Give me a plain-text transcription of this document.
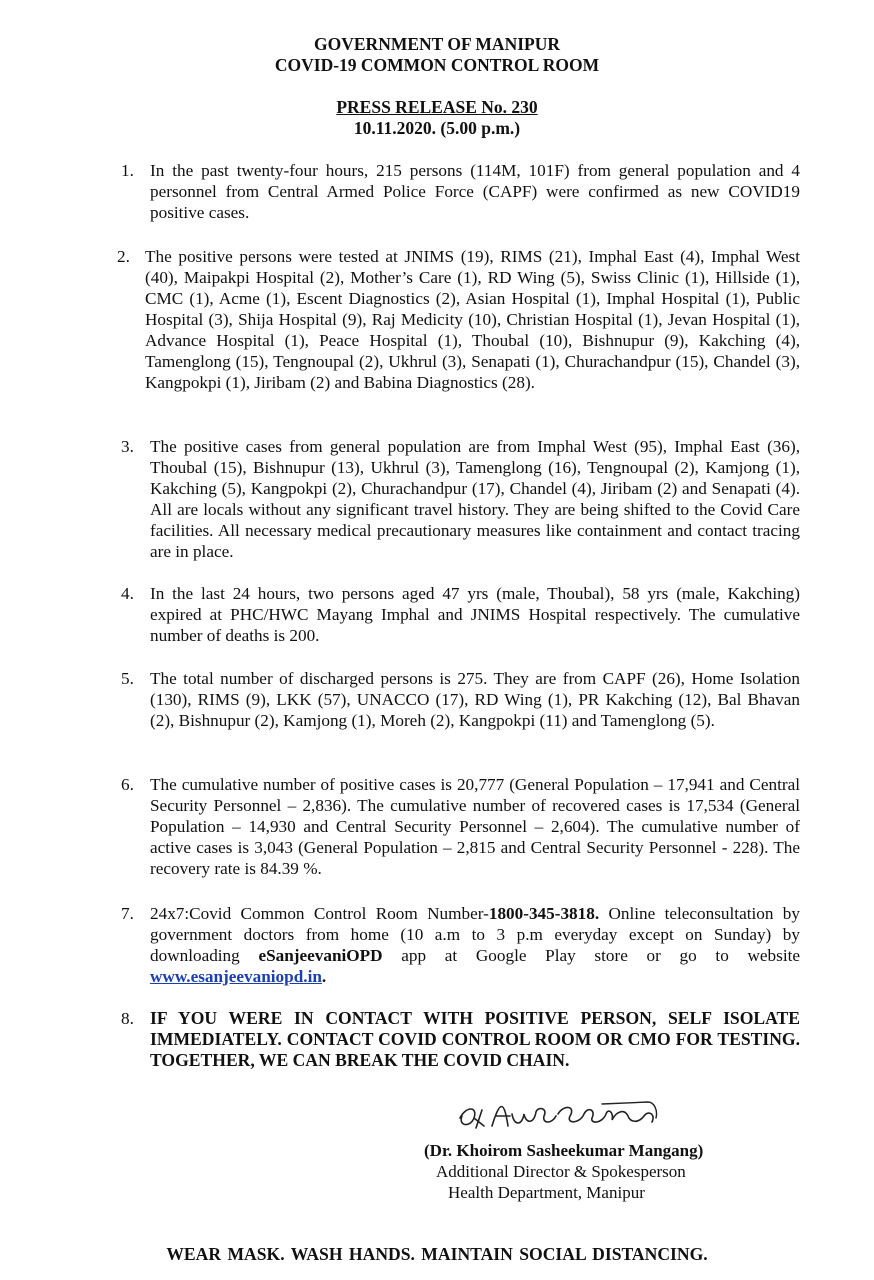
GOVERNMENT OF MANIPUR
COVID-19 COMMON CONTROL ROOM
PRESS RELEASE No. 230
10.11.2020. (5.00 p.m.)
1. In the past twenty-four hours, 215 persons (114M, 101F) from general population and 4 personnel from Central Armed Police Force (CAPF) were confirmed as new COVID19 positive cases.
2. The positive persons were tested at JNIMS (19), RIMS (21), Imphal East (4), Imphal West (40), Maipakpi Hospital (2), Mother’s Care (1), RD Wing (5), Swiss Clinic (1), Hillside (1), CMC (1), Acme (1), Escent Diagnostics (2), Asian Hospital (1), Imphal Hospital (1), Public Hospital (3), Shija Hospital (9), Raj Medicity (10), Christian Hospital (1), Jevan Hospital (1), Advance Hospital (1), Peace Hospital (1), Thoubal (10), Bishnupur (9), Kakching (4), Tamenglong (15), Tengnoupal (2), Ukhrul (3), Senapati (1), Churachandpur (15), Chandel (3), Kangpokpi (1), Jiribam (2) and Babina Diagnostics (28).
3. The positive cases from general population are from Imphal West (95), Imphal East (36), Thoubal (15), Bishnupur (13), Ukhrul (3), Tamenglong (16), Tengnoupal (2), Kamjong (1), Kakching (5), Kangpokpi (2), Churachandpur (17), Chandel (4), Jiribam (2) and Senapati (4). All are locals without any significant travel history. They are being shifted to the Covid Care facilities. All necessary medical precautionary measures like containment and contact tracing are in place.
4. In the last 24 hours, two persons aged 47 yrs (male, Thoubal), 58 yrs (male, Kakching) expired at PHC/HWC Mayang Imphal and JNIMS Hospital respectively. The cumulative number of deaths is 200.
5. The total number of discharged persons is 275. They are from CAPF (26), Home Isolation (130), RIMS (9), LKK (57), UNACCO (17), RD Wing (1), PR Kakching (12), Bal Bhavan (2), Bishnupur (2), Kamjong (1), Moreh (2), Kangpokpi (11) and Tamenglong (5).
6. The cumulative number of positive cases is 20,777 (General Population – 17,941 and Central Security Personnel – 2,836). The cumulative number of recovered cases is 17,534 (General Population – 14,930 and Central Security Personnel – 2,604). The cumulative number of active cases is 3,043 (General Population – 2,815 and Central Security Personnel - 228). The recovery rate is 84.39 %.
7. 24x7:Covid Common Control Room Number-1800-345-3818. Online teleconsultation by government doctors from home (10 a.m to 3 p.m everyday except on Sunday) by downloading eSanjeevaniOPD app at Google Play store or go to website www.esanjeevaniopd.in.
8. IF YOU WERE IN CONTACT WITH POSITIVE PERSON, SELF ISOLATE IMMEDIATELY. CONTACT COVID CONTROL ROOM OR CMO FOR TESTING. TOGETHER, WE CAN BREAK THE COVID CHAIN.
(Dr. Khoirom Sasheekumar Mangang)
Additional Director & Spokesperson
Health Department, Manipur
WEAR MASK. WASH HANDS. MAINTAIN SOCIAL DISTANCING.
